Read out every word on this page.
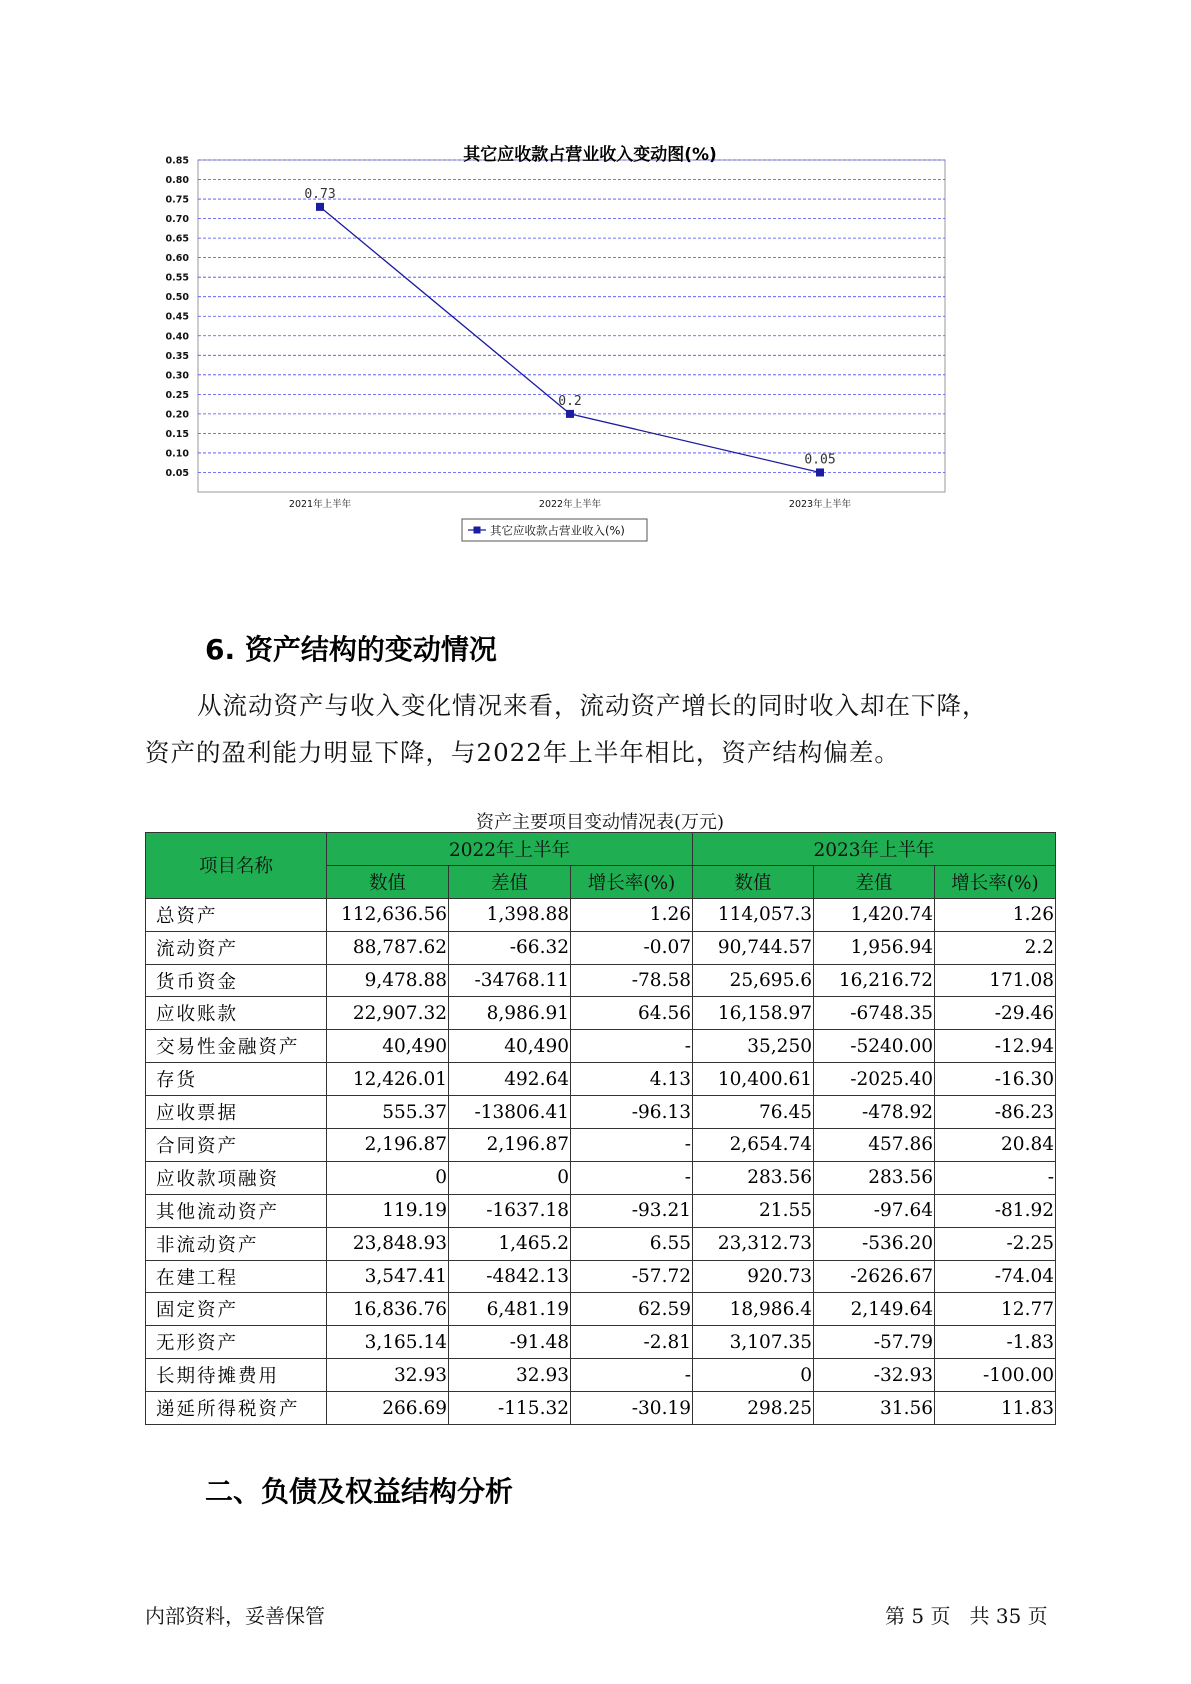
0.05
0.10
0.15
0.20
0.25
0.30
0.35
0.40
0.45
0.50
0.55
0.60
0.65
0.70
0.75
0.80
0.85
2021年上半年	2022年上半年	2023年上半年
0.73
0.2
0.05
其它应收款占营业收入(%)
其它应收款占营业收入变动图(%)
6. 资产结构的变动情况
从流动资产与收入变化情况来看，流动资产增长的同时收入却在下降，
资产的盈利能力明显下降，与2022年上半年相比，资产结构偏差。
资产主要项目变动情况表(万元)
项目名称	2022年上半年			2023年上半年		
	数值	差值	增长率(%)	数值	差值	增长率(%)
总资产	112,636.56	1,398.88	1.26	114,057.3	1,420.74	1.26
流动资产	88,787.62	-66.32	-0.07	90,744.57	1,956.94	2.2
货币资金	9,478.88	-34768.11	-78.58	25,695.6	16,216.72	171.08
应收账款	22,907.32	8,986.91	64.56	16,158.97	-6748.35	-29.46
交易性金融资产	40,490	40,490	-	35,250	-5240.00	-12.94
存货	12,426.01	492.64	4.13	10,400.61	-2025.40	-16.30
应收票据	555.37	-13806.41	-96.13	76.45	-478.92	-86.23
合同资产	2,196.87	2,196.87	-	2,654.74	457.86	20.84
应收款项融资	0	0	-	283.56	283.56	-
其他流动资产	119.19	-1637.18	-93.21	21.55	-97.64	-81.92
非流动资产	23,848.93	1,465.2	6.55	23,312.73	-536.20	-2.25
在建工程	3,547.41	-4842.13	-57.72	920.73	-2626.67	-74.04
固定资产	16,836.76	6,481.19	62.59	18,986.4	2,149.64	12.77
无形资产	3,165.14	-91.48	-2.81	3,107.35	-57.79	-1.83
长期待摊费用	32.93	32.93	-	0	-32.93	-100.00
递延所得税资产	266.69	-115.32	-30.19	298.25	31.56	11.83
二、负债及权益结构分析
内部资料，妥善保管	第 5 页   共 35 页
